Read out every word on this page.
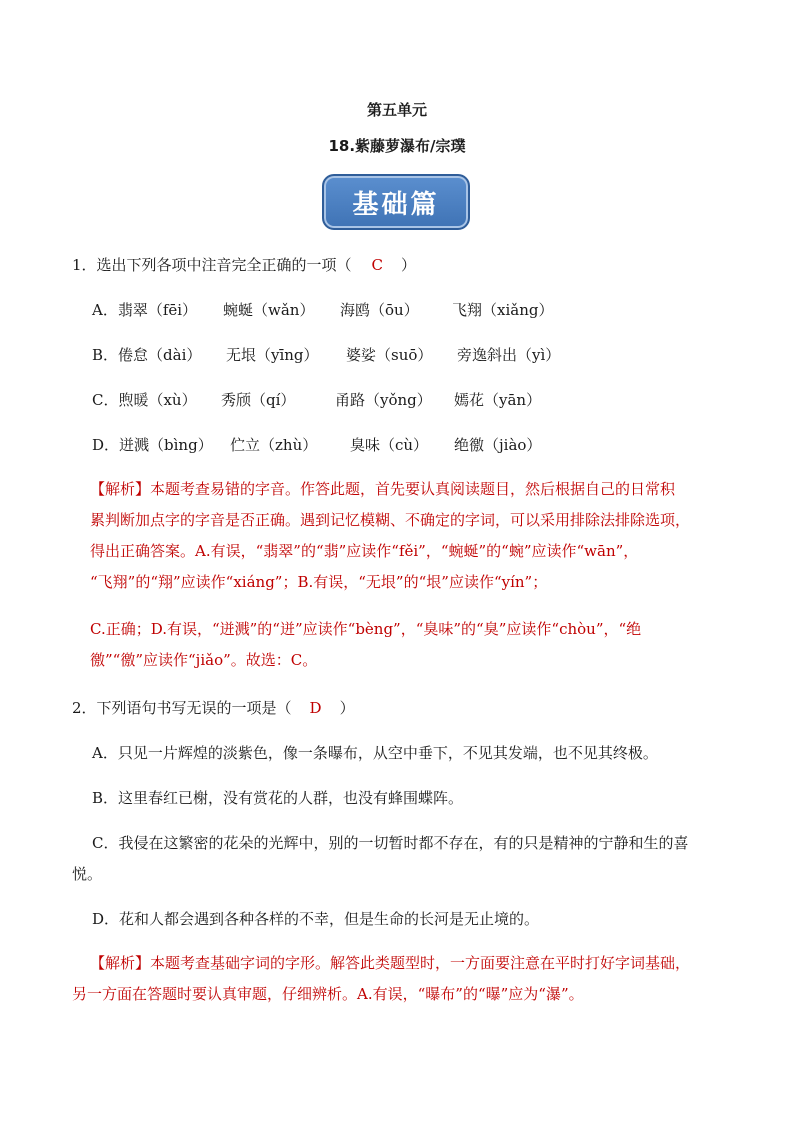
第五单元
18.紫藤萝瀑布/宗璞
基础篇
1．选出下列各项中注音完全正确的一项（ C ）
A．翡翠（fēi） 蜿蜒（wǎn） 海鸥（ōu） 飞翔（xiǎng）
B．倦怠（dài） 无垠（yīng） 婆娑（suō） 旁逸斜出（yì）
C．煦暖（xù） 秀颀（qí）	甬路（yǒng） 嫣花（yān）
D．迸溅（bìng） 伫立（zhù） 臭味（cù） 绝徼（jiào）
【解析】本题考查易错的字音。作答此题，首先要认真阅读题目，然后根据自己的日常积
累判断加点字的字音是否正确。遇到记忆模糊、不确定的字词，可以采用排除法排除选项，
得出正确答案。A.有误，“翡翠”的“翡”应读作“fěi”，“蜿蜒”的“蜿”应读作“wān”，
“飞翔”的“翔”应读作“xiáng”；B.有误，“无垠”的“垠”应读作“yín”；
C.正确；D.有误，“迸溅”的“迸”应读作“bèng”，“臭味”的“臭”应读作“chòu”，“绝
徼”“徼”应读作“jiǎo”。故选：C。
2．下列语句书写无误的一项是（ D ）
A．只见一片辉煌的淡紫色，像一条曝布，从空中垂下，不见其发端，也不见其终极。
B．这里春红已榭，没有赏花的人群，也没有蜂围蝶阵。
C．我侵在这繁密的花朵的光辉中，别的一切暂时都不存在，有的只是精神的宁静和生的喜
悦。
D．花和人都会遇到各种各样的不幸，但是生命的长河是无止境的。
【解析】本题考查基础字词的字形。解答此类题型时，一方面要注意在平时打好字词基础，
另一方面在答题时要认真审题，仔细辨析。A.有误，“曝布”的“曝”应为“瀑”。
